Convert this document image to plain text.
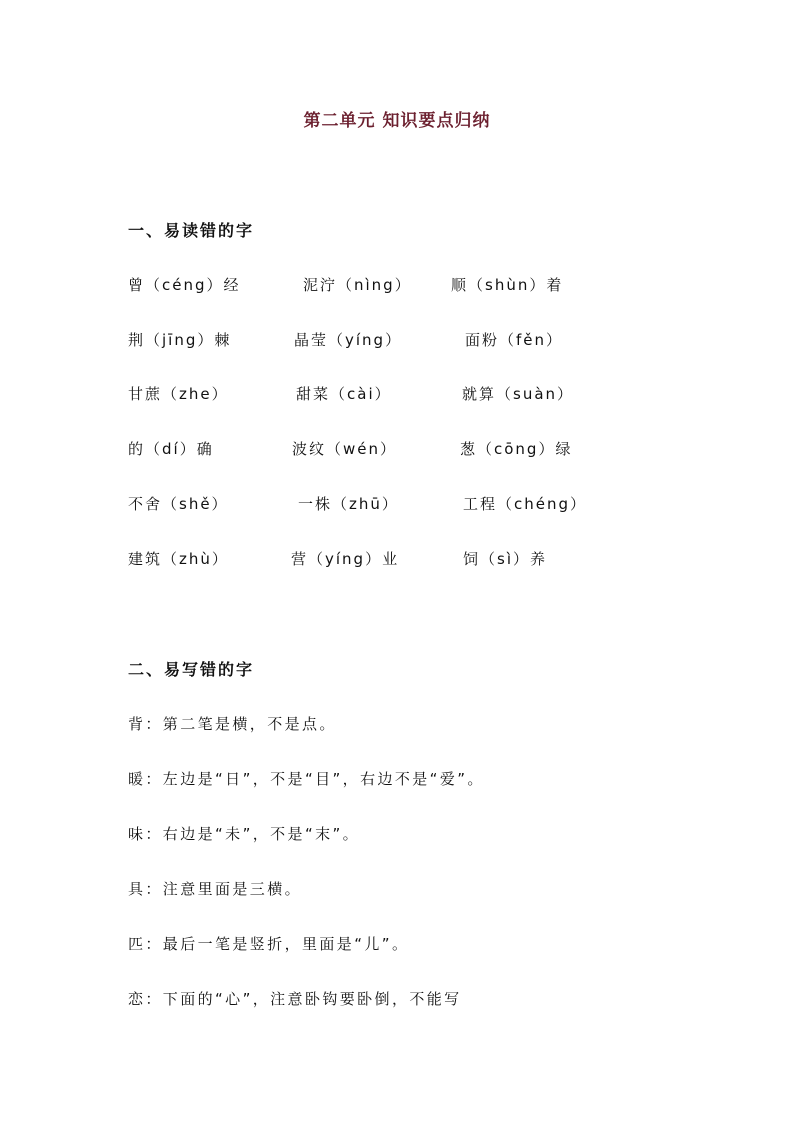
第二单元 知识要点归纳
一、易读错的字
曾（céng）经	泥泞（nìng）	顺（shùn）着
荆（jīng）棘	晶莹（yíng）	面粉（fěn）
甘蔗（zhe）	甜菜（cài）	就算（suàn）
的（dí）确	波纹（wén）	葱（cōng）绿
不舍（shě）	一株（zhū）	工程（chéng）
建筑（zhù）	营（yíng）业	饲（sì）养
二、易写错的字
背：第二笔是横，不是点。
暖：左边是“日”，不是“目”，右边不是“爱”。
味：右边是“未”，不是“末”。
具：注意里面是三横。
匹：最后一笔是竖折，里面是“儿”。
恋：下面的“心”，注意卧钩要卧倒，不能写
